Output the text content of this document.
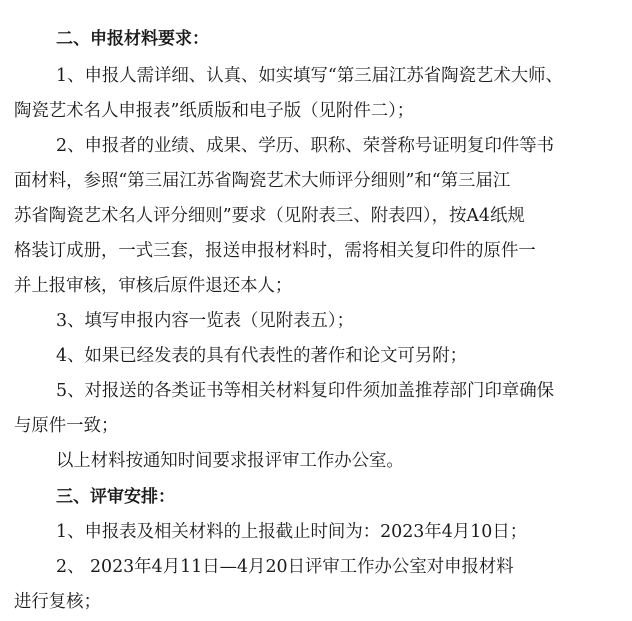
二、申报材料要求：
1、申报人需详细、认真、如实填写“第三届江苏省陶瓷艺术大师、
陶瓷艺术名人申报表”纸质版和电子版（见附件二）；
2、申报者的业绩、成果、学历、职称、荣誉称号证明复印件等书
面材料，参照“第三届江苏省陶瓷艺术大师评分细则”和“第三届江
苏省陶瓷艺术名人评分细则”要求（见附表三、附表四），按A4纸规
格装订成册，一式三套，报送申报材料时，需将相关复印件的原件一
并上报审核，审核后原件退还本人；
3、填写申报内容一览表（见附表五）；
4、如果已经发表的具有代表性的著作和论文可另附；
5、对报送的各类证书等相关材料复印件须加盖推荐部门印章确保
与原件一致；
以上材料按通知时间要求报评审工作办公室。
三、评审安排：
1、申报表及相关材料的上报截止时间为：2023年4月10日；
2、 2023年4月11日—4月20日评审工作办公室对申报材料
进行复核；
